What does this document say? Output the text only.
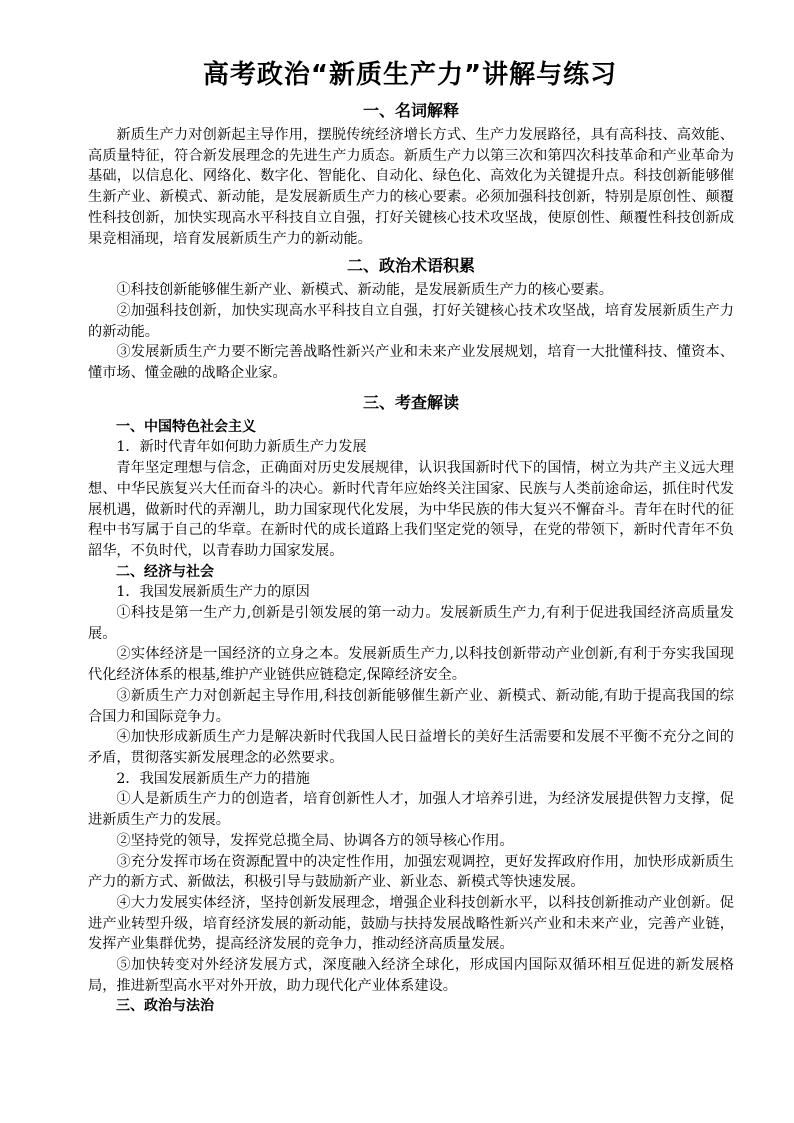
高考政治“新质生产力”讲解与练习
一、名词解释

新质生产力对创新起主导作用，摆脱传统经济增长方式、生产力发展路径，具有高科技、高效能、高质量特征，符合新发展理念的先进生产力质态。新质生产力以第三次和第四次科技革命和产业革命为基础，以信息化、网络化、数字化、智能化、自动化、绿色化、高效化为关键提升点。科技创新能够催生新产业、新模式、新动能，是发展新质生产力的核心要素。必须加强科技创新，特别是原创性、颠覆性科技创新，加快实现高水平科技自立自强，打好关键核心技术攻坚战，使原创性、颠覆性科技创新成果竞相涌现，培育发展新质生产力的新动能。

二、政治术语积累

①科技创新能够催生新产业、新模式、新动能，是发展新质生产力的核心要素。

②加强科技创新，加快实现高水平科技自立自强，打好关键核心技术攻坚战，培育发展新质生产力的新动能。

③发展新质生产力要不断完善战略性新兴产业和未来产业发展规划，培育一大批懂科技、懂资本、懂市场、懂金融的战略企业家。

三、考查解读
一、中国特色社会主义
1．新时代青年如何助力新质生产力发展

青年坚定理想与信念，正确面对历史发展规律，认识我国新时代下的国情，树立为共产主义远大理想、中华民族复兴大任而奋斗的决心。新时代青年应始终关注国家、民族与人类前途命运，抓住时代发展机遇，做新时代的弄潮儿，助力国家现代化发展，为中华民族的伟大复兴不懈奋斗。青年在时代的征程中书写属于自己的华章。在新时代的成长道路上我们坚定党的领导，在党的带领下，新时代青年不负韶华，不负时代，以青春助力国家发展。

二、经济与社会
1．我国发展新质生产力的原因

①科技是第一生产力,创新是引领发展的第一动力。发展新质生产力,有利于促进我国经济高质量发展。

②实体经济是一国经济的立身之本。发展新质生产力,以科技创新带动产业创新,有利于夯实我国现代化经济体系的根基,维护产业链供应链稳定,保障经济安全。

③新质生产力对创新起主导作用,科技创新能够催生新产业、新模式、新动能,有助于提高我国的综合国力和国际竞争力。

④加快形成新质生产力是解决新时代我国人民日益增长的美好生活需要和发展不平衡不充分之间的矛盾，贯彻落实新发展理念的必然要求。

2．我国发展新质生产力的措施

①人是新质生产力的创造者，培育创新性人才，加强人才培养引进，为经济发展提供智力支撑，促进新质生产力的发展。

②坚持党的领导，发挥党总揽全局、协调各方的领导核心作用。

③充分发挥市场在资源配置中的决定性作用，加强宏观调控，更好发挥政府作用，加快形成新质生产力的新方式、新做法，积极引导与鼓励新产业、新业态、新模式等快速发展。

④大力发展实体经济，坚持创新发展理念，增强企业科技创新水平，以科技创新推动产业创新。促进产业转型升级，培育经济发展的新动能，鼓励与扶持发展战略性新兴产业和未来产业，完善产业链，发挥产业集群优势，提高经济发展的竞争力，推动经济高质量发展。

⑤加快转变对外经济发展方式，深度融入经济全球化，形成国内国际双循环相互促进的新发展格局，推进新型高水平对外开放，助力现代化产业体系建设。

三、政治与法治
